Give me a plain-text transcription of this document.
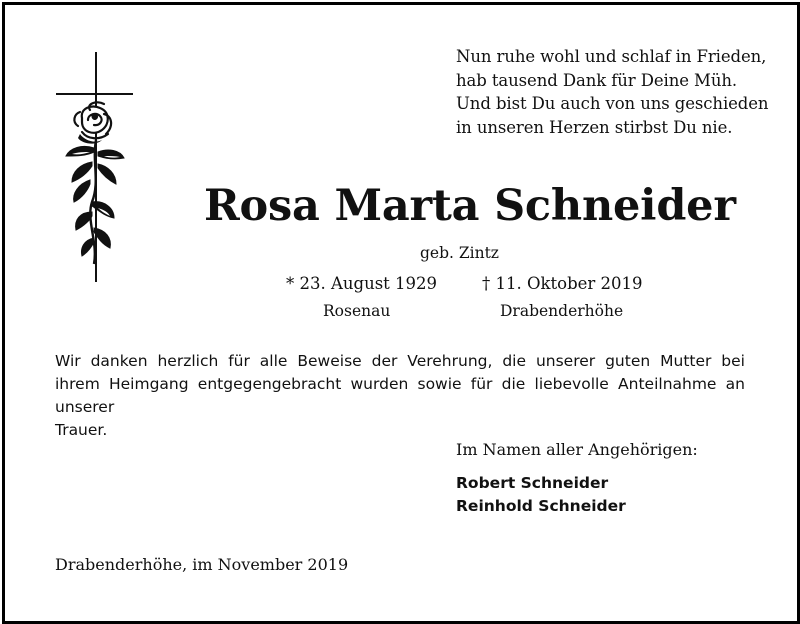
Nun ruhe wohl und schlaf in Frieden,
hab tausend Dank für Deine Müh.
Und bist Du auch von uns geschieden
in unseren Herzen stirbst Du nie.
Rosa Marta Schneider
geb. Zintz
* 23. August 1929	† 11. Oktober 2019
Rosenau	Drabenderhöhe
Wir danken herzlich für alle Beweise der Verehrung, die unserer guten Mutter bei
ihrem Heimgang entgegengebracht wurden sowie für die liebevolle Anteilnahme an unserer
Trauer.
Im Namen aller Angehörigen:
Robert Schneider
Reinhold Schneider
Drabenderhöhe, im November 2019
